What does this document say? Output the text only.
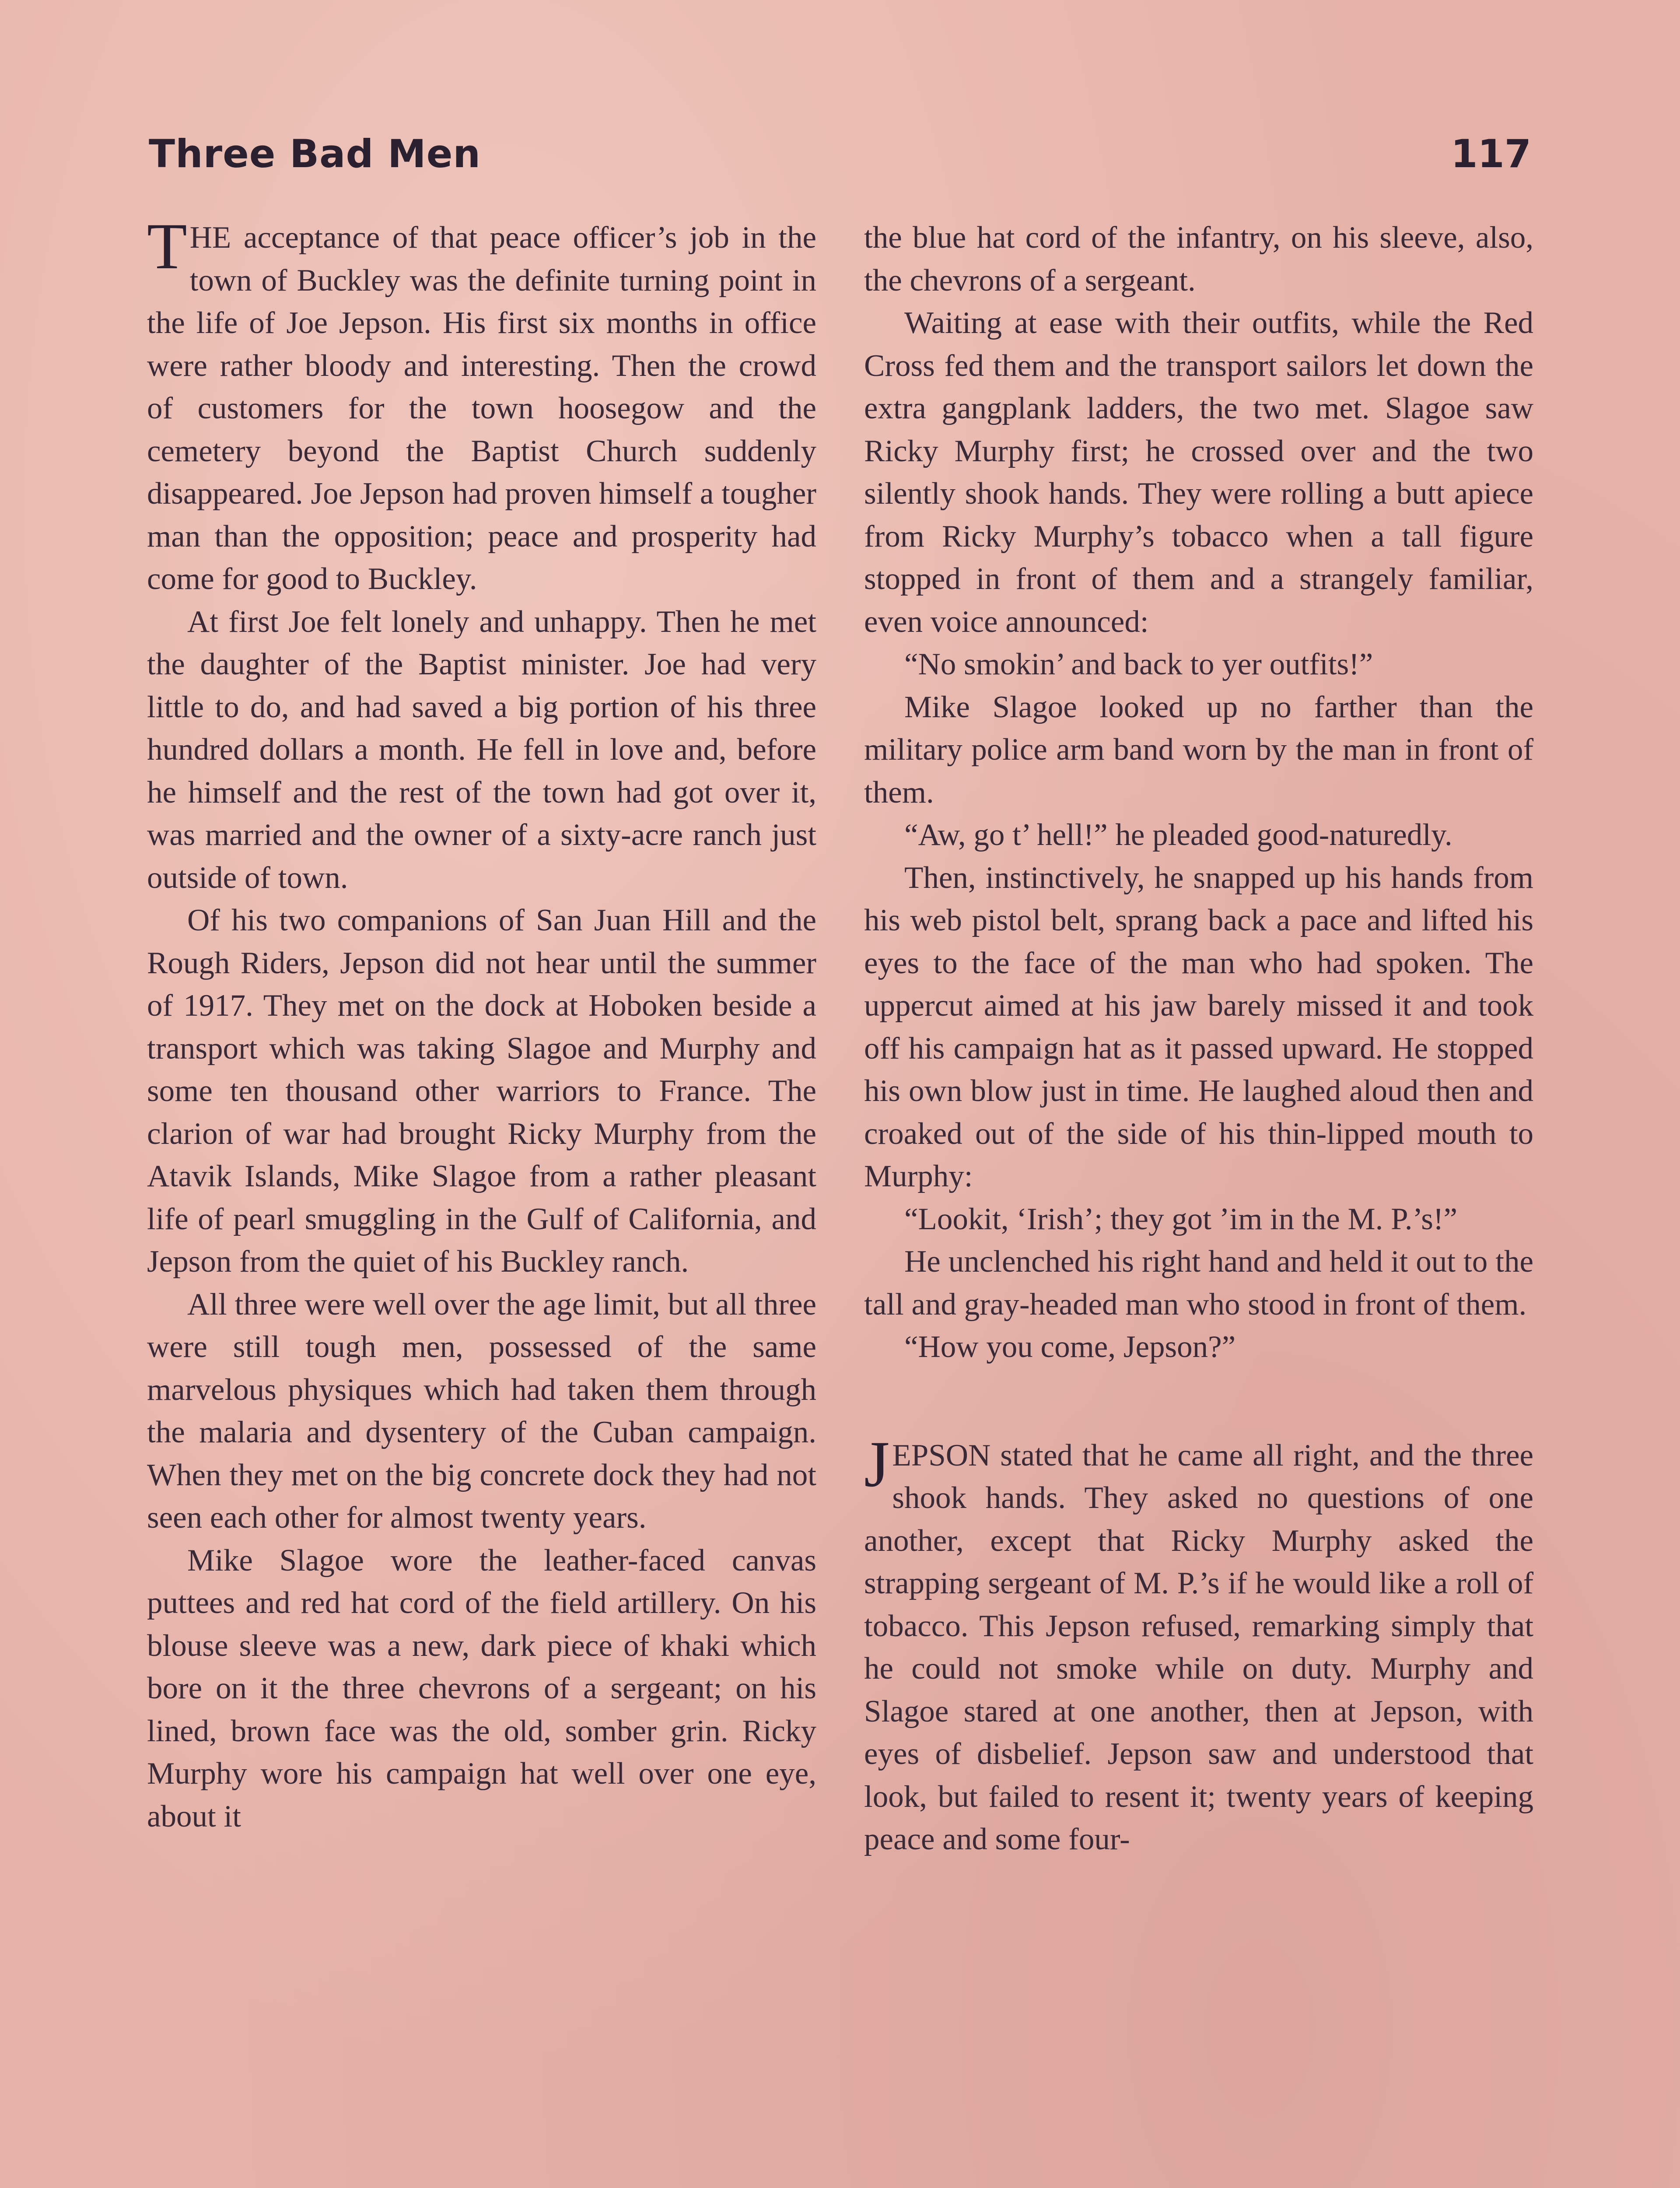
Three Bad Men	117

THE acceptance of that peace officer’s job in the town of Buckley was the definite turning point in the life of Joe Jepson. His first six months in office were rather bloody and interesting. Then the crowd of customers for the town hoosegow and the cemetery beyond the Baptist Church suddenly disappeared. Joe Jepson had proven himself a tougher man than the opposition; peace and prosperity had come for good to Buckley.

At first Joe felt lonely and unhappy. Then he met the daughter of the Baptist minister. Joe had very little to do, and had saved a big portion of his three hundred dollars a month. He fell in love and, before he himself and the rest of the town had got over it, was married and the owner of a sixty-acre ranch just outside of town.

Of his two companions of San Juan Hill and the Rough Riders, Jepson did not hear until the summer of 1917. They met on the dock at Hoboken beside a transport which was taking Slagoe and Murphy and some ten thousand other warriors to France. The clarion of war had brought Ricky Murphy from the Atavik Islands, Mike Slagoe from a rather pleasant life of pearl smuggling in the Gulf of California, and Jepson from the quiet of his Buckley ranch.

All three were well over the age limit, but all three were still tough men, possessed of the same marvelous physiques which had taken them through the malaria and dysentery of the Cuban campaign. When they met on the big concrete dock they had not seen each other for almost twenty years.

Mike Slagoe wore the leather-faced canvas puttees and red hat cord of the field artillery. On his blouse sleeve was a new, dark piece of khaki which bore on it the three chevrons of a sergeant; on his lined, brown face was the old, somber grin. Ricky Murphy wore his campaign hat well over one eye, about it

the blue hat cord of the infantry, on his sleeve, also, the chevrons of a sergeant.

Waiting at ease with their outfits, while the Red Cross fed them and the transport sailors let down the extra gangplank ladders, the two met. Slagoe saw Ricky Murphy first; he crossed over and the two silently shook hands. They were rolling a butt apiece from Ricky Murphy’s tobacco when a tall figure stopped in front of them and a strangely familiar, even voice announced:

“No smokin’ and back to yer outfits!”

Mike Slagoe looked up no farther than the military police arm band worn by the man in front of them.

“Aw, go t’ hell!” he pleaded good-naturedly.

Then, instinctively, he snapped up his hands from his web pistol belt, sprang back a pace and lifted his eyes to the face of the man who had spoken. The uppercut aimed at his jaw barely missed it and took off his campaign hat as it passed upward. He stopped his own blow just in time. He laughed aloud then and croaked out of the side of his thin-lipped mouth to Murphy:

“Lookit, ‘Irish’; they got ’im in the M. P.’s!”

He unclenched his right hand and held it out to the tall and gray-headed man who stood in front of them.

“How you come, Jepson?”

JEPSON stated that he came all right, and the three shook hands. They asked no questions of one another, except that Ricky Murphy asked the strapping sergeant of M. P.’s if he would like a roll of tobacco. This Jepson refused, remarking simply that he could not smoke while on duty. Murphy and Slagoe stared at one another, then at Jepson, with eyes of disbelief. Jepson saw and understood that look, but failed to resent it; twenty years of keeping peace and some four-
